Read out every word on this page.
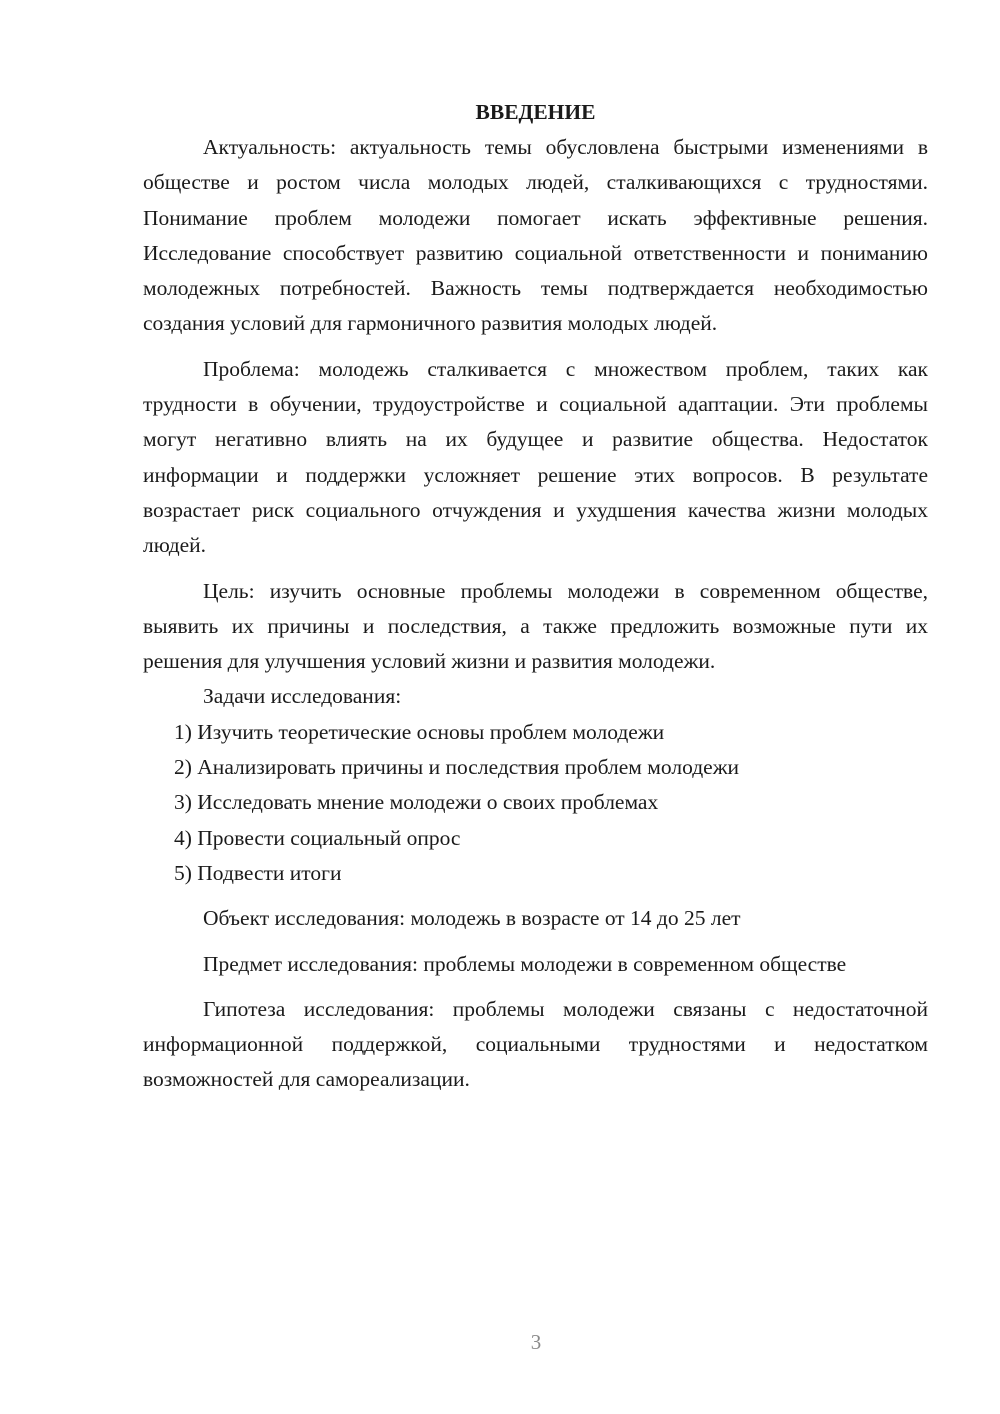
ВВЕДЕНИЕ

Актуальность: актуальность темы обусловлена быстрыми изменениями в обществе и ростом числа молодых людей, сталкивающихся с трудностями. Понимание проблем молодежи помогает искать эффективные решения. Исследование способствует развитию социальной ответственности и пониманию молодежных потребностей. Важность темы подтверждается необходимостью создания условий для гармоничного развития молодых людей.

Проблема: молодежь сталкивается с множеством проблем, таких как трудности в обучении, трудоустройстве и социальной адаптации. Эти проблемы могут негативно влиять на их будущее и развитие общества. Недостаток информации и поддержки усложняет решение этих вопросов. В результате возрастает риск социального отчуждения и ухудшения качества жизни молодых людей.

Цель: изучить основные проблемы молодежи в современном обществе, выявить их причины и последствия, а также предложить возможные пути их решения для улучшения условий жизни и развития молодежи.

Задачи исследования:

1) Изучить теоретические основы проблем молодежи

2) Анализировать причины и последствия проблем молодежи

3) Исследовать мнение молодежи о своих проблемах

4) Провести социальный опрос

5) Подвести итоги

Объект исследования: молодежь в возрасте от 14 до 25 лет

Предмет исследования: проблемы молодежи в современном обществе

Гипотеза исследования: проблемы молодежи связаны с недостаточной информационной поддержкой, социальными трудностями и недостатком возможностей для самореализации.

3
